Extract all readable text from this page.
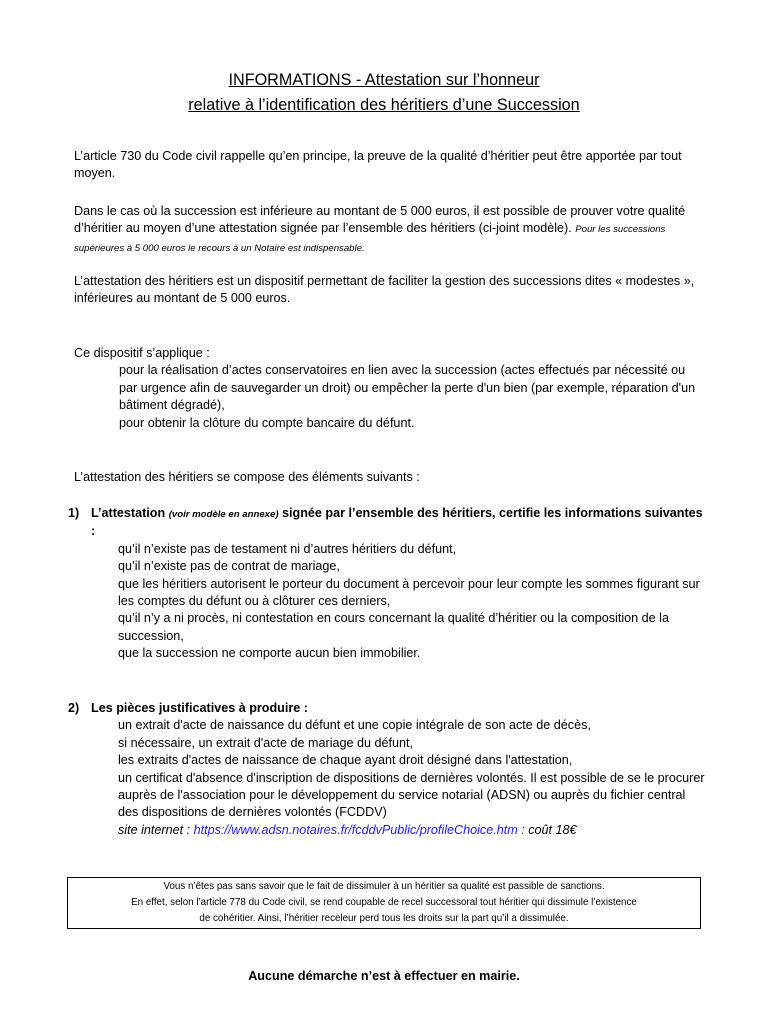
INFORMATIONS - Attestation sur l’honneur
relative à l’identification des héritiers d’une Succession

L’article 730 du Code civil rappelle qu’en principe, la preuve de la qualité d’héritier peut être apportée par tout moyen.

Dans le cas où la succession est inférieure au montant de 5 000 euros, il est possible de prouver votre qualité d’héritier au moyen d’une attestation signée par l’ensemble des héritiers (ci-joint modèle). Pour les successions supérieures à 5 000 euros le recours à un Notaire est indispensable.

L’attestation des héritiers est un dispositif permettant de faciliter la gestion des successions dites « modestes », inférieures au montant de 5 000 euros.

Ce dispositif s’applique :
pour la réalisation d’actes conservatoires en lien avec la succession (actes effectués par nécessité ou par urgence afin de sauvegarder un droit) ou empêcher la perte d'un bien (par exemple, réparation d'un bâtiment dégradé),
pour obtenir la clôture du compte bancaire du défunt.

L’attestation des héritiers se compose des éléments suivants :

1) L’attestation (voir modèle en annexe) signée par l’ensemble des héritiers, certifie les informations suivantes :
qu’il n’existe pas de testament ni d’autres héritiers du défunt,
qu’il n’existe pas de contrat de mariage,
que les héritiers autorisent le porteur du document à percevoir pour leur compte les sommes figurant sur les comptes du défunt ou à clôturer ces derniers,
qu’il n’y a ni procès, ni contestation en cours concernant la qualité d’héritier ou la composition de la succession,
que la succession ne comporte aucun bien immobilier.
2) Les pièces justificatives à produire :
un extrait d'acte de naissance du défunt et une copie intégrale de son acte de décès,
si nécessaire, un extrait d'acte de mariage du défunt,
les extraits d'actes de naissance de chaque ayant droit désigné dans l'attestation,
un certificat d'absence d'inscription de dispositions de dernières volontés. Il est possible de se le procurer auprès de l'association pour le développement du service notarial (ADSN) ou auprès du fichier central des dispositions de dernières volontés (FCDDV)
site internet : https://www.adsn.notaires.fr/fcddvPublic/profileChoice.htm : coût 18€
Vous n’êtes pas sans savoir que le fait de dissimuler à un héritier sa qualité est passible de sanctions.
En effet, selon l’article 778 du Code civil, se rend coupable de recel successoral tout héritier qui dissimule l’existence
de cohéritier. Ainsi, l’héritier receleur perd tous les droits sur la part qu’il a dissimulée.
Aucune démarche n’est à effectuer en mairie.
